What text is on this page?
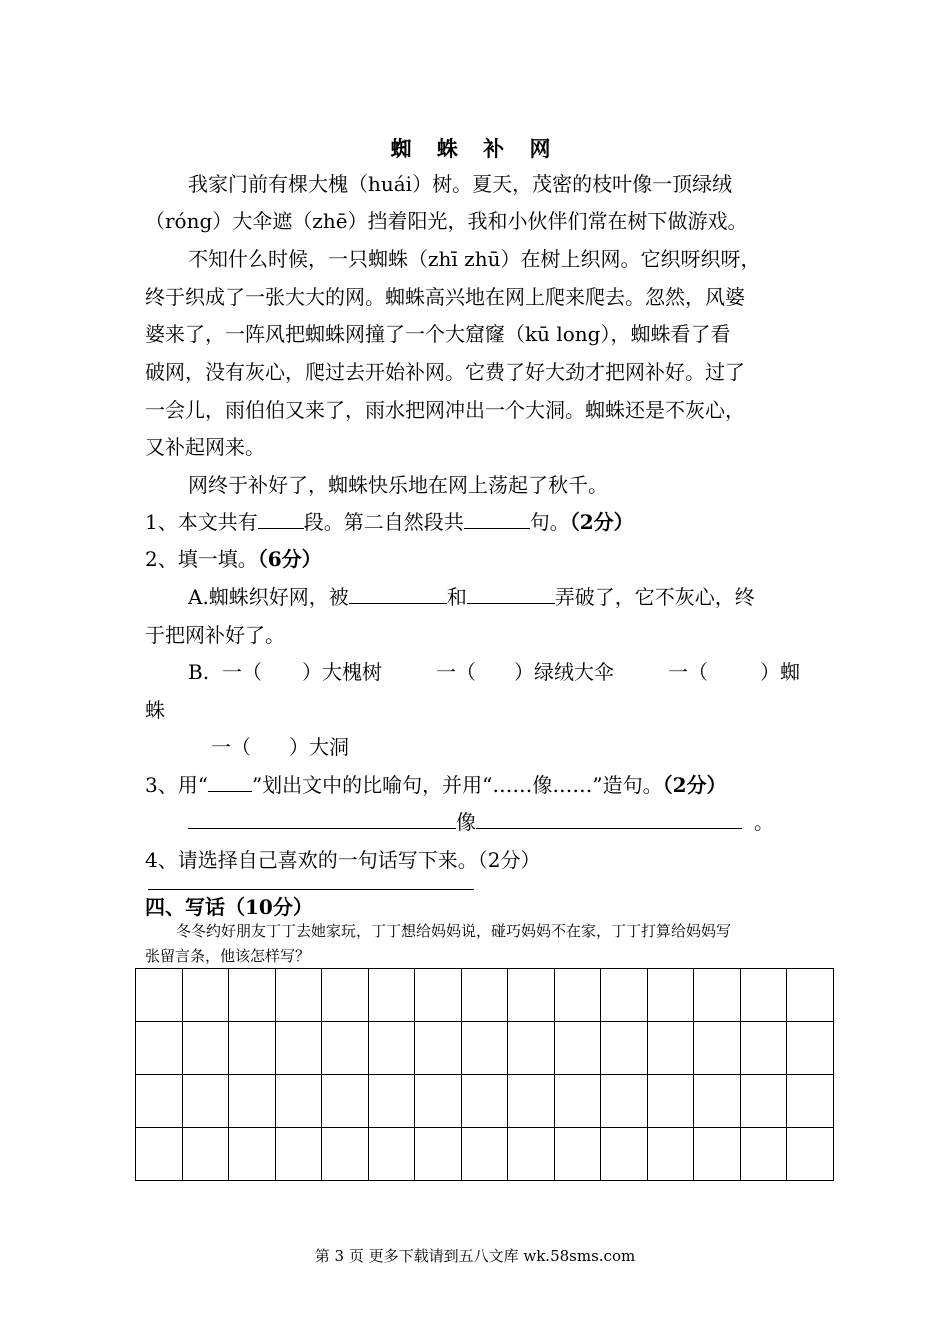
蜘 蛛 补 网
我家门前有棵大槐（huái）树。夏天，茂密的枝叶像一顶绿绒
（róng）大伞遮（zhē）挡着阳光，我和小伙伴们常在树下做游戏。
不知什么时候，一只蜘蛛（zhī zhū）在树上织网。它织呀织呀，
终于织成了一张大大的网。蜘蛛高兴地在网上爬来爬去。忽然，风婆
婆来了，一阵风把蜘蛛网撞了一个大窟窿（kū long），蜘蛛看了看
破网，没有灰心，爬过去开始补网。它费了好大劲才把网补好。过了
一会儿，雨伯伯又来了，雨水把网冲出一个大洞。蜘蛛还是不灰心，
又补起网来。
网终于补好了，蜘蛛快乐地在网上荡起了秋千。
1、本文共有 段。第二自然段共	句。（2分）
2、填一填。（6分）
A.蜘蛛织好网，被	和	弄破了，它不灰心，终
于把网补好了。
B. 一（ ）大槐树	一（ ）绿绒大伞	一（	）蜘
蛛
一（ ）大洞
3、用“ ”划出文中的比喻句，并用“……像……”造句。（2分）
像	。
4、请选择自己喜欢的一句话写下来。（2分）
四、写话（10分）
冬冬约好朋友丁丁去她家玩，丁丁想给妈妈说，碰巧妈妈不在家，丁丁打算给妈妈写
张留言条，他该怎样写？

第 3 页 更多下载请到五八文库 wk.58sms.com
